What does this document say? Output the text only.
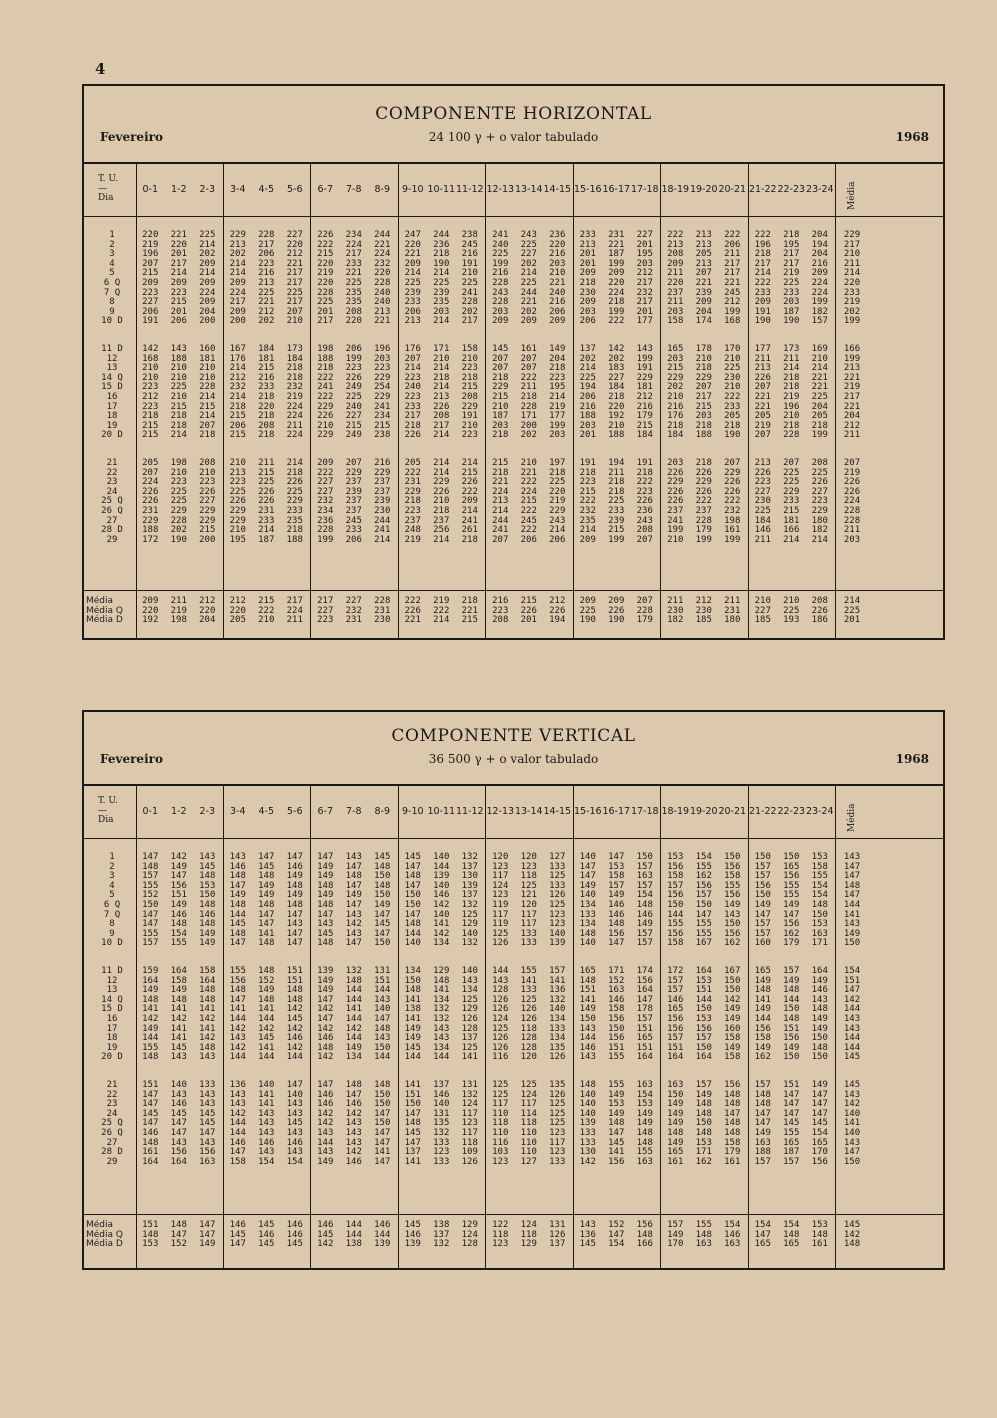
4
COMPONENTE HORIZONTAL
Fevereiro	24 100 γ + o valor tabulado	1968
T. U.
—
Dia
0-1	1-2	2-3	3-4	4-5	5-6	6-7	7-8	8-9	9-10 10-11 11-12 12-13 13-14 14-15 15-16 16-17 17-18 18-19 19-20 20-21 21-22 22-23 23-24 Média
1	220	221	225	229	228	227	226	234	244	247	244	238	241	243	236	233	231	227	222	213	222	222	218	204	229
2	219	220	214	213	217	220	222	224	221	220	236	245	240	225	220	213	221	201	213	213	206	196	195	194	217
3	196	201	202	202	206	212	215	217	224	221	218	216	225	227	216	201	187	195	208	205	211	218	217	204	210
4	207	217	209	214	223	221	220	233	232	209	190	191	199	202	203	201	199	203	209	213	217	217	217	216	211
5	215	214	214	214	216	217	219	221	220	214	214	210	216	214	210	209	209	212	211	207	217	214	219	209	214
6 Q	209	209	209	209	213	217	220	225	228	225	225	225	228	225	221	218	220	217	220	221	221	222	225	224	220
7 Q	223	223	224	224	225	225	228	235	240	239	239	241	243	244	240	230	224	232	237	239	245	233	233	224	233
8	227	215	209	217	221	217	225	235	240	233	235	228	228	221	216	209	218	217	211	209	212	209	203	199	219
9	206	201	204	209	212	207	201	208	213	206	203	202	203	202	206	203	199	201	203	204	199	191	187	182	202
10 D	191	206	200	200	202	210	217	220	221	213	214	217	209	209	209	206	222	177	158	174	168	190	190	157	199
11 D	142	143	160	167	184	173	198	206	196	176	171	158	145	161	149	137	142	143	165	178	170	177	173	169	166
12	168	188	181	176	181	184	188	199	203	207	210	210	207	207	204	202	202	199	203	210	210	211	211	210	199
13	210	210	210	214	215	218	218	223	223	214	214	223	207	207	218	214	183	191	215	218	225	213	214	214	213
14 Q	210	210	210	212	216	218	222	226	229	223	218	218	218	222	223	225	227	229	229	229	230	226	218	221	221
15 D	223	225	228	232	233	232	241	249	254	240	214	215	229	211	195	194	184	181	202	207	210	207	218	221	219
16	212	210	214	214	218	219	222	225	229	223	213	208	215	218	214	206	218	212	210	217	222	221	219	225	217
17	223	215	215	218	220	224	229	240	241	233	226	229	210	228	219	216	220	216	216	215	233	221	196	204	221
18	218	218	214	215	218	224	226	227	234	217	208	191	187	171	177	188	192	179	176	203	205	205	210	205	204
19	215	218	207	206	208	211	210	215	215	218	217	210	203	200	199	203	210	215	218	218	218	219	218	218	212
20 D	215	214	218	215	218	224	229	249	238	226	214	223	218	202	203	201	188	184	184	188	190	207	228	199	211
21	205	198	208	210	211	214	209	207	216	205	214	214	215	210	197	191	194	191	203	218	207	213	207	208	207
22	207	210	210	213	215	218	222	229	229	222	214	215	218	221	218	218	211	218	226	226	229	226	225	225	219
23	224	223	223	223	225	226	227	237	237	231	229	226	221	222	225	223	218	222	229	229	226	223	225	226	226
24	226	225	226	225	226	225	227	239	237	229	226	222	224	224	220	215	218	223	226	226	226	227	229	227	226
25 Q	226	225	227	226	226	229	232	237	239	218	210	209	213	215	219	222	225	226	226	222	222	230	233	223	224
26 Q	231	229	229	229	231	233	234	237	230	223	218	214	214	222	229	232	233	236	237	237	232	225	215	229	228
27	229	228	229	229	233	235	236	245	244	237	237	241	244	245	243	235	239	243	241	228	198	184	181	180	228
28 D	188	202	215	210	214	218	228	233	241	248	256	261	241	222	214	214	215	208	199	179	161	146	166	182	211
29	172	190	200	195	187	188	199	206	214	219	214	218	207	206	206	209	199	207	210	199	199	211	214	214	203
Média	209	211	212	212	215	217	217	227	228	222	219	218	216	215	212	209	209	207	211	212	211	210	210	208	214
Média Q	220	219	220	220	222	224	227	232	231	226	222	221	223	226	226	225	226	228	230	230	231	227	225	226	225
Média D	192	198	204	205	210	211	223	231	230	221	214	215	208	201	194	190	190	179	182	185	180	185	193	186	201
COMPONENTE VERTICAL
Fevereiro	36 500 γ + o valor tabulado	1968
T. U.
—
Dia
0-1	1-2	2-3	3-4	4-5	5-6	6-7	7-8	8-9	9-10 10-11 11-12 12-13 13-14 14-15 15-16 16-17 17-18 18-19 19-20 20-21 21-22 22-23 23-24 Média
1	147	142	143	143	147	147	147	143	145	145	140	132	120	120	127	140	147	150	153	154	150	150	150	153	143
2	148	149	145	146	145	146	149	147	148	147	144	137	123	123	133	147	153	157	156	155	156	157	165	158	147
3	157	147	148	148	148	149	149	148	150	148	139	130	117	118	125	147	158	163	158	162	158	157	156	155	147
4	155	156	153	147	149	148	148	147	148	147	140	139	124	125	133	149	157	157	157	156	155	156	155	154	148
5	152	151	150	149	149	149	149	149	150	150	146	137	123	121	126	140	149	154	156	157	156	150	155	154	147
6 Q	150	149	148	148	148	148	148	147	149	150	142	132	119	120	125	134	146	148	150	150	149	149	149	148	144
7 Q	147	146	146	144	147	147	147	143	147	147	140	125	117	117	123	133	146	146	144	147	143	147	147	150	141
8	147	148	148	145	147	143	143	142	145	148	141	129	119	117	123	134	148	149	155	155	150	157	156	153	143
9	155	154	149	148	141	147	145	143	147	144	142	140	125	133	140	148	156	157	156	155	156	157	162	163	149
10 D	157	155	149	147	148	147	148	147	150	140	134	132	126	133	139	140	147	157	158	167	162	160	179	171	150
11 D	159	164	158	155	148	151	139	132	131	134	129	140	144	155	157	165	171	174	172	164	167	165	157	164	154
12	164	158	164	156	152	151	149	148	151	150	148	143	143	141	141	148	152	156	157	153	150	149	149	149	151
13	149	149	148	148	149	148	149	144	144	148	141	134	128	133	136	151	163	164	157	151	150	148	148	146	147
14 Q	148	148	148	147	148	148	147	144	143	141	134	125	126	125	132	141	146	147	146	144	142	141	144	143	142
15 D	141	141	141	141	141	142	142	141	140	138	132	129	126	126	140	149	158	178	165	150	149	149	150	148	144
16	142	142	142	144	144	145	147	144	147	141	132	126	124	126	134	150	156	157	156	153	149	144	148	149	143
17	149	141	141	142	142	142	142	142	148	149	143	128	125	118	133	143	150	151	156	156	160	156	151	149	143
18	144	141	142	143	145	146	146	144	143	149	143	137	126	128	134	144	156	165	157	157	158	158	156	150	144
19	155	145	148	142	141	142	148	149	150	145	134	125	126	128	135	146	151	151	151	150	149	149	149	148	144
20 D	148	143	143	144	144	144	142	134	144	144	144	141	116	120	126	143	155	164	164	164	158	162	150	150	145
21	151	140	133	136	140	147	147	148	148	141	137	131	125	125	135	148	155	163	163	157	156	157	151	149	145
22	147	143	143	143	141	140	146	147	150	151	146	132	125	124	126	140	149	154	150	149	148	148	147	147	143
23	147	146	143	143	141	143	146	146	150	150	140	124	117	117	125	140	153	153	149	148	148	148	147	147	142
24	145	145	145	142	143	143	142	142	147	147	131	117	110	114	125	140	149	149	149	148	147	147	147	147	140
25 Q	147	147	145	144	143	145	142	143	150	148	135	123	118	118	125	139	148	149	149	150	148	147	145	145	141
26 Q	146	147	147	144	143	143	143	143	147	145	132	117	110	110	123	133	147	148	148	148	148	149	155	154	140
27	148	143	143	146	146	146	144	143	147	147	133	118	116	110	117	133	145	148	149	153	158	163	165	165	143
28 D	161	156	156	147	143	143	143	142	141	137	123	109	103	110	123	130	141	155	165	171	179	188	187	170	147
29	164	164	163	158	154	154	149	146	147	141	133	126	123	127	133	142	156	163	161	162	161	157	157	156	150
Média	151	148	147	146	145	146	146	144	146	145	138	129	122	124	131	143	152	156	157	155	154	154	154	153	145
Média Q	148	147	147	145	146	146	145	144	144	146	137	124	118	118	126	136	147	148	149	148	146	147	148	148	142
Média D	153	152	149	147	145	145	142	138	139	139	132	128	123	129	137	145	154	166	170	163	163	165	165	161	148
